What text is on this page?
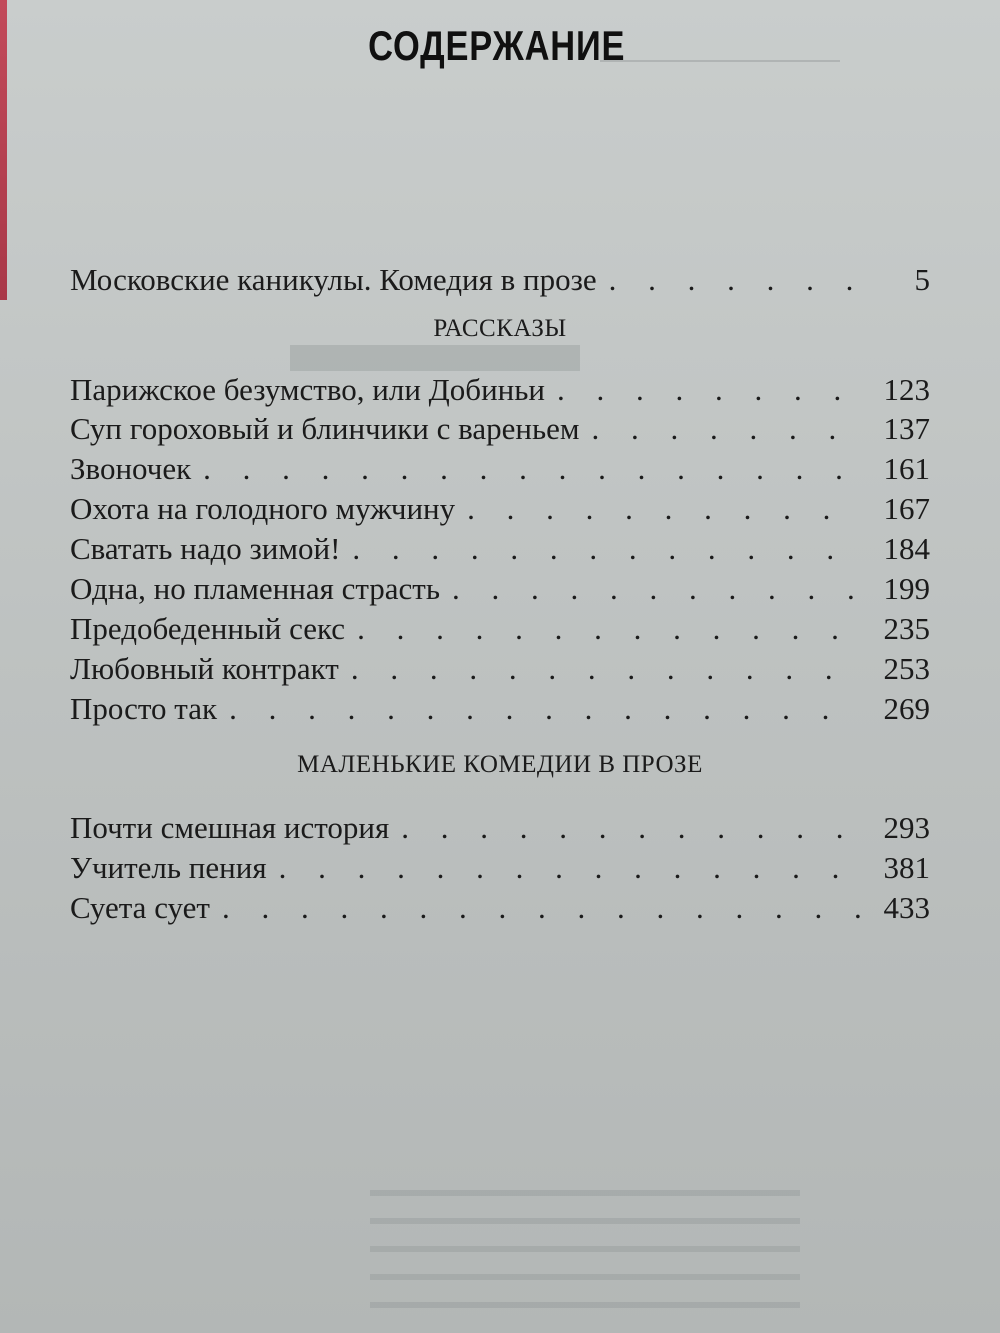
СОДЕРЖАНИЕ
Московские каникулы. Комедия в прозе . . .	5
РАССКАЗЫ
Парижское безумство, или Добиньи . . .	123
Суп гороховый и блинчики с вареньем . . .	137
Звоночек . . .	161
Охота на голодного мужчину . . .	167
Сватать надо зимой! . . .	184
Одна, но пламенная страсть . . .	199
Предобеденный секс . . .	235
Любовный контракт . . .	253
Просто так . . .	269
МАЛЕНЬКИЕ КОМЕДИИ В ПРОЗЕ
Почти смешная история . . .	293
Учитель пения . . .	381
Суета сует . . .	433
